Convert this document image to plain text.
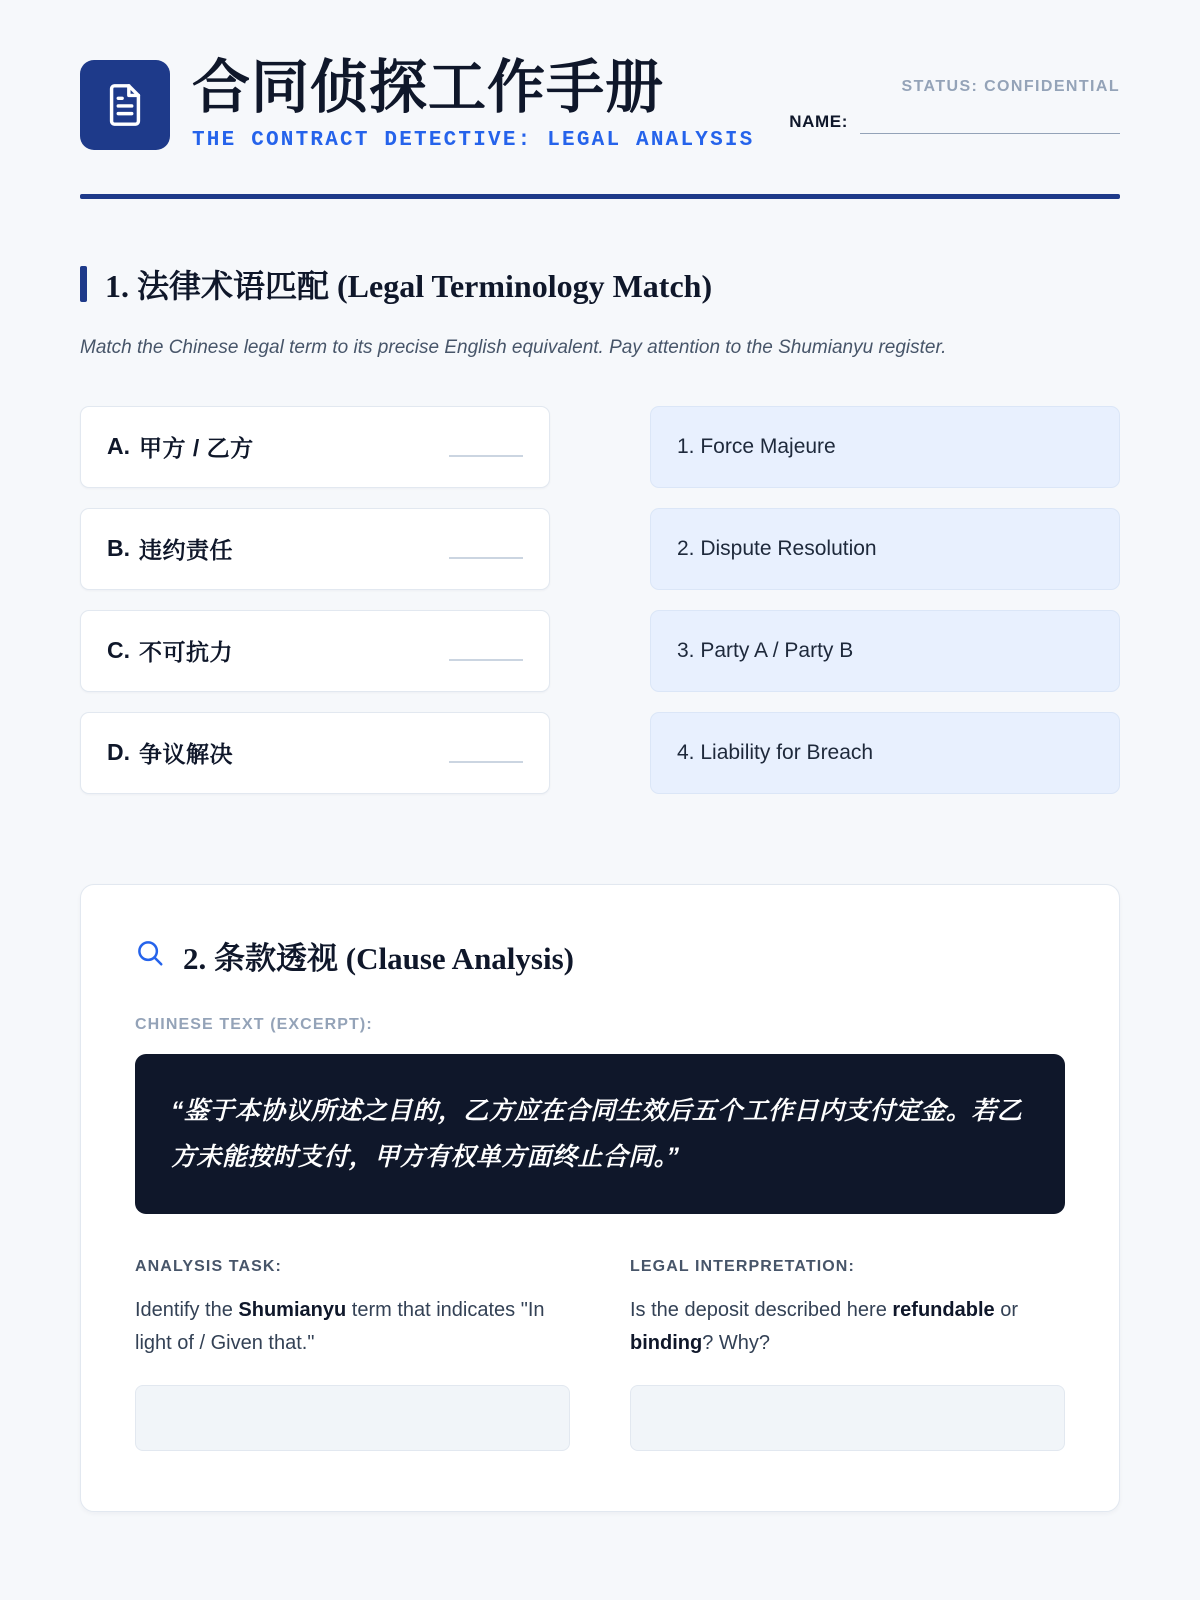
合同侦探工作手册
THE CONTRACT DETECTIVE: LEGAL ANALYSIS
STATUS: CONFIDENTIAL
NAME:
1. 法律术语匹配 (Legal Terminology Match)
Match the Chinese legal term to its precise English equivalent. Pay attention to the Shumianyu register.
A. 甲方 / 乙方
B. 违约责任
C. 不可抗力
D. 争议解决
1. Force Majeure
2. Dispute Resolution
3. Party A / Party B
4. Liability for Breach
2. 条款透视 (Clause Analysis)
CHINESE TEXT (EXCERPT):
“鉴于本协议所述之目的，乙方应在合同生效后五个工作日内支付定金。若乙方未能按时支付，甲方有权单方面终止合同。”
ANALYSIS TASK:
Identify the Shumianyu term that indicates "In light of / Given that."
LEGAL INTERPRETATION:
Is the deposit described here refundable or binding? Why?
